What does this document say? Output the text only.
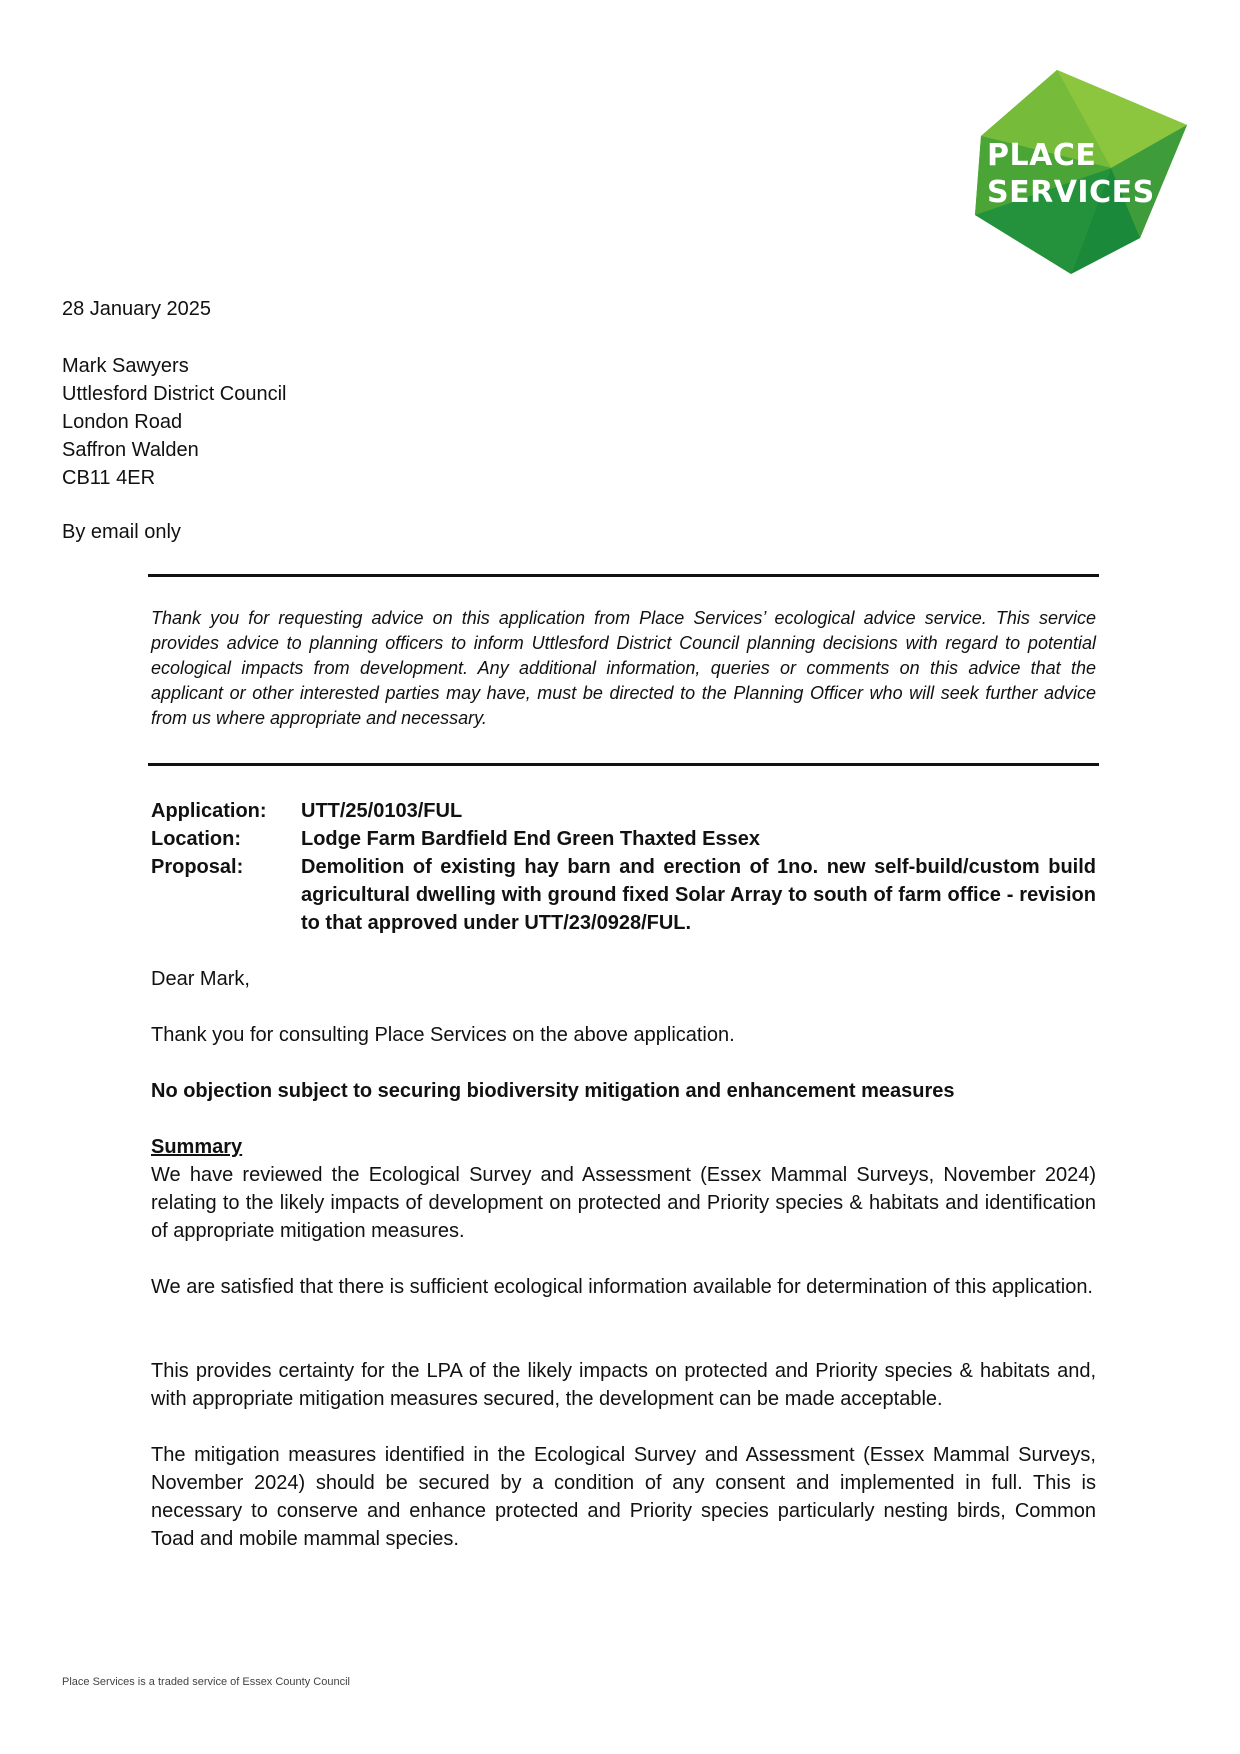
PLACE
SERVICES
28 January 2025
Mark Sawyers
Uttlesford District Council
London Road
Saffron Walden
CB11 4ER
By email only
Thank you for requesting advice on this application from Place Services’ ecological advice service. This service provides advice to planning officers to inform Uttlesford District Council planning decisions with regard to potential ecological impacts from development. Any additional information, queries or comments on this advice that the applicant or other interested parties may have, must be directed to the Planning Officer who will seek further advice from us where appropriate and necessary.
Application:	UTT/25/0103/FUL
Location:	Lodge Farm Bardfield End Green Thaxted Essex
Proposal:	Demolition of existing hay barn and erection of 1no. new self-build/custom build agricultural dwelling with ground fixed Solar Array to south of farm office - revision to that approved under UTT/23/0928/FUL.
Dear Mark,
Thank you for consulting Place Services on the above application.
No objection subject to securing biodiversity mitigation and enhancement measures
Summary
We have reviewed the Ecological Survey and Assessment (Essex Mammal Surveys, November 2024) relating to the likely impacts of development on protected and Priority species & habitats and identification of appropriate mitigation measures.
We are satisfied that there is sufficient ecological information available for determination of this application.
This provides certainty for the LPA of the likely impacts on protected and Priority species & habitats and, with appropriate mitigation measures secured, the development can be made acceptable.
The mitigation measures identified in the Ecological Survey and Assessment (Essex Mammal Surveys, November 2024) should be secured by a condition of any consent and implemented in full. This is necessary to conserve and enhance protected and Priority species particularly nesting birds, Common Toad and mobile mammal species.
Place Services is a traded service of Essex County Council
